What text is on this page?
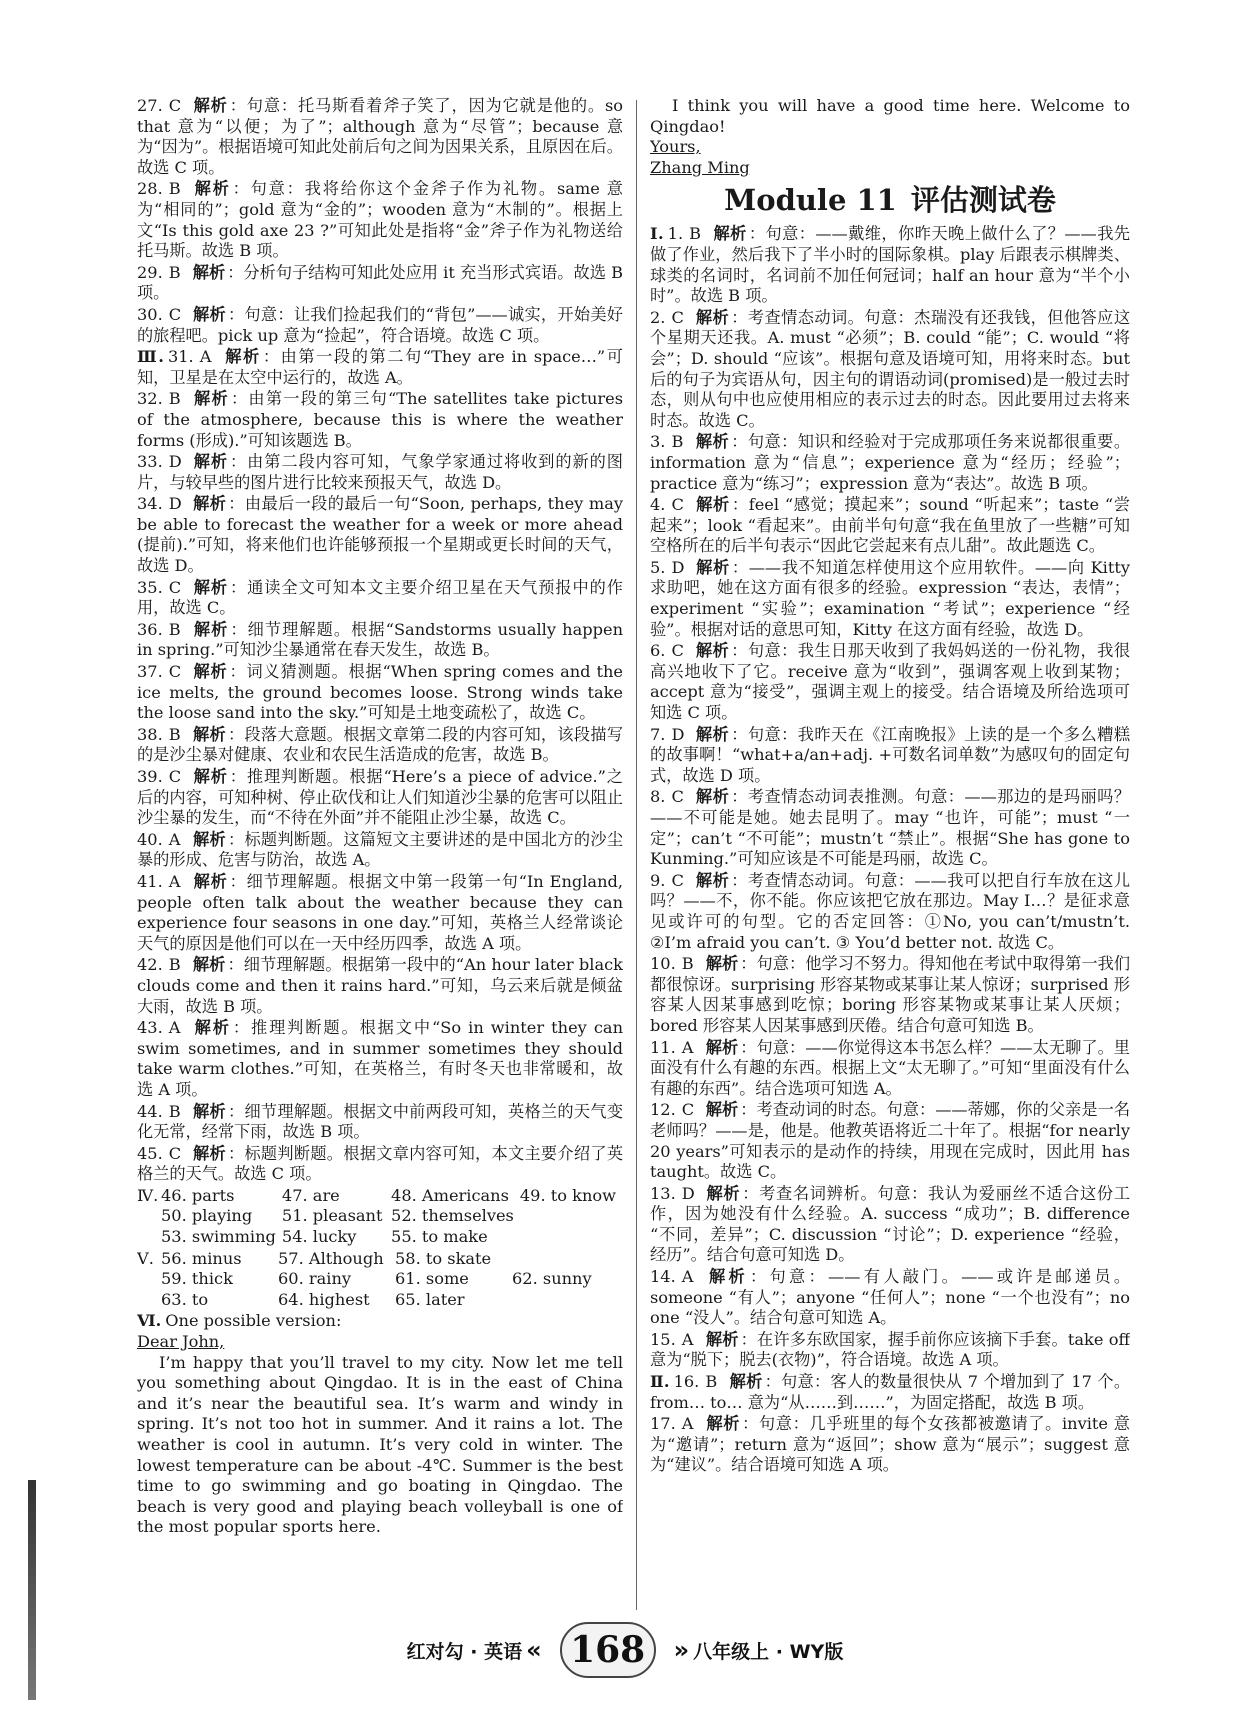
27. C 解析 ：句意：托马斯看着斧子笑了，因为它就是他的。so that 意为“以便；为了”；although 意为“尽管”；because 意为“因为”。根据语境可知此处前后句之间为因果关系，且原因在后。故选 C 项。
28. B 解析 ：句意：我将给你这个金斧子作为礼物。same 意为“相同的”；gold 意为“金的”；wooden 意为“木制的”。根据上文“Is this gold axe 23 ?”可知此处是指将“金”斧子作为礼物送给托马斯。故选 B 项。
29. B 解析 ：分析句子结构可知此处应用 it 充当形式宾语。故选 B 项。
30. C 解析 ：句意：让我们捡起我们的“背包”——诚实，开始美好的旅程吧。pick up 意为“捡起”，符合语境。故选 C 项。
Ⅲ. 31. A 解析 ：由第一段的第二句“They are in space…”可知，卫星是在太空中运行的，故选 A。
32. B 解析 ：由第一段的第三句“The satellites take pictures of the atmosphere, because this is where the weather forms (形成).”可知该题选 B。
33. D 解析 ：由第二段内容可知，气象学家通过将收到的新的图片，与较早些的图片进行比较来预报天气，故选 D。
34. D 解析 ：由最后一段的最后一句“Soon, perhaps, they may be able to forecast the weather for a week or more ahead (提前).”可知，将来他们也许能够预报一个星期或更长时间的天气，故选 D。
35. C 解析 ：通读全文可知本文主要介绍卫星在天气预报中的作用，故选 C。
36. B 解析 ：细节理解题。根据“Sandstorms usually happen in spring.”可知沙尘暴通常在春天发生，故选 B。
37. C 解析 ：词义猜测题。根据“When spring comes and the ice melts, the ground becomes loose. Strong winds take the loose sand into the sky.”可知是土地变疏松了，故选 C。
38. B 解析 ：段落大意题。根据文章第二段的内容可知，该段描写的是沙尘暴对健康、农业和农民生活造成的危害，故选 B。
39. C 解析 ：推理判断题。根据“Here’s a piece of advice.”之后的内容，可知种树、停止砍伐和让人们知道沙尘暴的危害可以阻止沙尘暴的发生，而“不待在外面”并不能阻止沙尘暴，故选 C。
40. A 解析 ：标题判断题。这篇短文主要讲述的是中国北方的沙尘暴的形成、危害与防治，故选 A。
41. A 解析 ：细节理解题。根据文中第一段第一句“In England, people often talk about the weather because they can experience four seasons in one day.”可知，英格兰人经常谈论天气的原因是他们可以在一天中经历四季，故选 A 项。
42. B 解析 ：细节理解题。根据第一段中的“An hour later black clouds come and then it rains hard.”可知，乌云来后就是倾盆大雨，故选 B 项。
43. A 解析 ：推理判断题。根据文中“So in winter they can swim sometimes, and in summer sometimes they should take warm clothes.”可知，在英格兰，有时冬天也非常暖和，故选 A 项。
44. B 解析 ：细节理解题。根据文中前两段可知，英格兰的天气变化无常，经常下雨，故选 B 项。
45. C 解析 ：标题判断题。根据文章内容可知，本文主要介绍了英格兰的天气。故选 C 项。
Ⅳ. 46. parts	47. are	48. Americans 49. to know
50. playing	51. pleasant 52. themselves
53. swimming 54. lucky	55. to make
Ⅴ. 56. minus	57. Although 58. to skate
59. thick	60. rainy	61. some	62. sunny
63. to	64. highest	65. later
Ⅵ. One possible version:

Dear John,

I’m happy that you’ll travel to my city. Now let me tell you something about Qingdao. It is in the east of China and it’s near the beautiful sea. It’s warm and windy in spring. It’s not too hot in summer. And it rains a lot. The weather is cool in autumn. It’s very cold in winter. The lowest temperature can be about -4℃. Summer is the best time to go swimming and go boating in Qingdao. The beach is very good and playing beach volleyball is one of the most popular sports here.

I think you will have a good time here. Welcome to Qingdao!

Yours,

Zhang Ming

Module 11 评估测试卷
Ⅰ. 1. B 解析 ：句意：——戴维，你昨天晚上做什么了？——我先做了作业，然后我下了半小时的国际象棋。play 后跟表示棋牌类、球类的名词时，名词前不加任何冠词；half an hour 意为“半个小时”。故选 B 项。
2. C 解析 ：考查情态动词。句意：杰瑞没有还我钱，但他答应这个星期天还我。A. must “必须”；B. could “能”；C. would “将会”；D. should “应该”。根据句意及语境可知，用将来时态。but 后的句子为宾语从句，因主句的谓语动词(promised)是一般过去时态，则从句中也应使用相应的表示过去的时态。因此要用过去将来时态。故选 C。
3. B 解析 ：句意：知识和经验对于完成那项任务来说都很重要。information 意为“信息”；experience 意为“经历；经验”；practice 意为“练习”；expression 意为“表达”。故选 B 项。
4. C 解析 ：feel “感觉；摸起来”；sound “听起来”；taste “尝起来”；look “看起来”。由前半句句意“我在鱼里放了一些糖”可知空格所在的后半句表示“因此它尝起来有点儿甜”。故此题选 C。
5. D 解析 ：——我不知道怎样使用这个应用软件。——向 Kitty 求助吧，她在这方面有很多的经验。expression “表达，表情”；experiment “实验”；examination “考试”；experience “经验”。根据对话的意思可知，Kitty 在这方面有经验，故选 D。
6. C 解析 ：句意：我生日那天收到了我妈妈送的一份礼物，我很高兴地收下了它。receive 意为“收到”，强调客观上收到某物；accept 意为“接受”，强调主观上的接受。结合语境及所给选项可知选 C 项。
7. D 解析 ：句意：我昨天在《江南晚报》上读的是一个多么糟糕的故事啊！“what+a/an+adj. +可数名词单数”为感叹句的固定句式，故选 D 项。
8. C 解析 ：考查情态动词表推测。句意：——那边的是玛丽吗？——不可能是她。她去昆明了。may “也许，可能”；must “一定”；can’t “不可能”；mustn’t “禁止”。根据“She has gone to Kunming.”可知应该是不可能是玛丽，故选 C。
9. C 解析 ：考查情态动词。句意：——我可以把自行车放在这儿吗？——不，你不能。你应该把它放在那边。May I…？是征求意见或许可的句型。它的否定回答：①No, you can’t/mustn’t. ②I’m afraid you can’t. ③ You’d better not. 故选 C。
10. B 解析 ：句意：他学习不努力。得知他在考试中取得第一我们都很惊讶。surprising 形容某物或某事让某人惊讶；surprised 形容某人因某事感到吃惊；boring 形容某物或某事让某人厌烦；bored 形容某人因某事感到厌倦。结合句意可知选 B。
11. A 解析 ：句意：——你觉得这本书怎么样？——太无聊了。里面没有什么有趣的东西。根据上文“太无聊了。”可知“里面没有什么有趣的东西”。结合选项可知选 A。
12. C 解析 ：考查动词的时态。句意：——蒂娜，你的父亲是一名老师吗？——是，他是。他教英语将近二十年了。根据“for nearly 20 years”可知表示的是动作的持续，用现在完成时，因此用 has taught。故选 C。
13. D 解析 ：考查名词辨析。句意：我认为爱丽丝不适合这份工作，因为她没有什么经验。A. success “成功”；B. difference “不同，差异”；C. discussion “讨论”；D. experience “经验，经历”。结合句意可知选 D。
14. A 解析 ：句意：——有人敲门。——或许是邮递员。someone “有人”；anyone “任何人”；none “一个也没有”；no one “没人”。结合句意可知选 A。
15. A 解析 ：在许多东欧国家，握手前你应该摘下手套。take off 意为“脱下；脱去(衣物)”，符合语境。故选 A 项。
Ⅱ. 16. B 解析 ：句意：客人的数量很快从 7 个增加到了 17 个。from… to… 意为“从……到……”，为固定搭配，故选 B 项。
17. A 解析 ：句意：几乎班里的每个女孩都被邀请了。invite 意为“邀请”；return 意为“返回”；show 意为“展示”；suggest 意为“建议”。结合语境可知选 A 项。
红对勾 · 英语 « 168	» 八年级上 · WY版
